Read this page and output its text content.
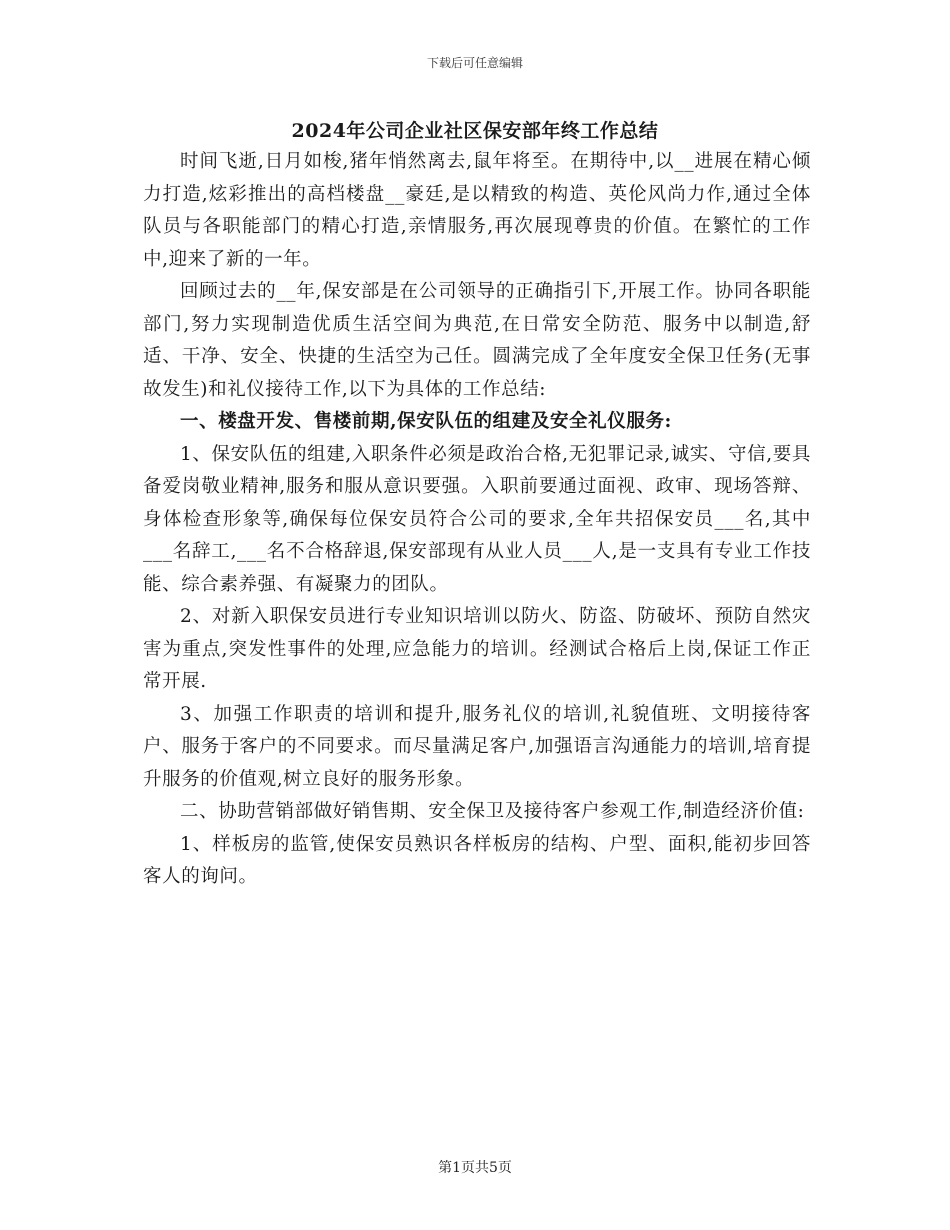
下载后可任意编辑
2024年公司企业社区保安部年终工作总结

时间飞逝,日月如梭,猪年悄然离去,鼠年将至。在期待中,以__进展在精心倾力打造,炫彩推出的高档楼盘__豪廷,是以精致的构造、英伦风尚力作,通过全体队员与各职能部门的精心打造,亲情服务,再次展现尊贵的价值。在繁忙的工作中,迎来了新的一年。

回顾过去的__年,保安部是在公司领导的正确指引下,开展工作。协同各职能部门,努力实现制造优质生活空间为典范,在日常安全防范、服务中以制造,舒适、干净、安全、快捷的生活空为己任。圆满完成了全年度安全保卫任务(无事故发生)和礼仪接待工作,以下为具体的工作总结:

一、楼盘开发、售楼前期,保安队伍的组建及安全礼仪服务:

1、保安队伍的组建,入职条件必须是政治合格,无犯罪记录,诚实、守信,要具备爱岗敬业精神,服务和服从意识要强。入职前要通过面视、政审、现场答辩、身体检查形象等,确保每位保安员符合公司的要求,全年共招保安员___名,其中___名辞工,___名不合格辞退,保安部现有从业人员___人,是一支具有专业工作技能、综合素养强、有凝聚力的团队。

2、对新入职保安员进行专业知识培训以防火、防盗、防破坏、预防自然灾害为重点,突发性事件的处理,应急能力的培训。经测试合格后上岗,保证工作正常开展.

3、加强工作职责的培训和提升,服务礼仪的培训,礼貌值班、文明接待客户、服务于客户的不同要求。而尽量满足客户,加强语言沟通能力的培训,培育提升服务的价值观,树立良好的服务形象。

二、协助营销部做好销售期、安全保卫及接待客户参观工作,制造经济价值:

1、样板房的监管,使保安员熟识各样板房的结构、户型、面积,能初步回答客人的询问。

第1页共5页
